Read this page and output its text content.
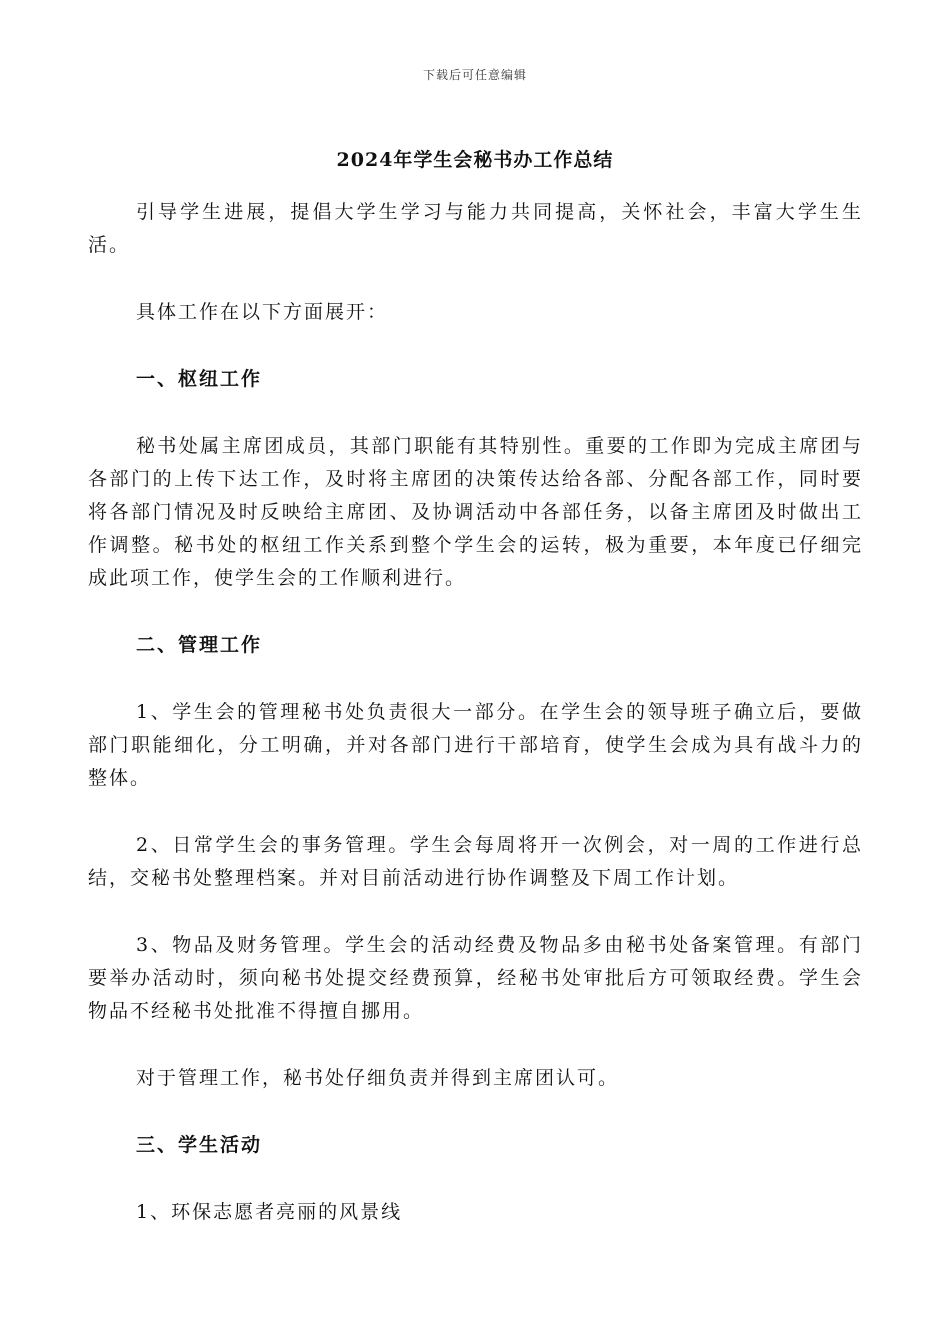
下载后可任意编辑
2024年学生会秘书办工作总结

引导学生进展，提倡大学生学习与能力共同提高，关怀社会，丰富大学生生活。

具体工作在以下方面展开：

一、枢纽工作

秘书处属主席团成员，其部门职能有其特别性。重要的工作即为完成主席团与各部门的上传下达工作，及时将主席团的决策传达给各部、分配各部工作，同时要将各部门情况及时反映给主席团、及协调活动中各部任务，以备主席团及时做出工作调整。秘书处的枢纽工作关系到整个学生会的运转，极为重要，本年度已仔细完成此项工作，使学生会的工作顺利进行。

二、管理工作

1、学生会的管理秘书处负责很大一部分。在学生会的领导班子确立后，要做部门职能细化，分工明确，并对各部门进行干部培育，使学生会成为具有战斗力的整体。

2、日常学生会的事务管理。学生会每周将开一次例会，对一周的工作进行总结，交秘书处整理档案。并对目前活动进行协作调整及下周工作计划。

3、物品及财务管理。学生会的活动经费及物品多由秘书处备案管理。有部门要举办活动时，须向秘书处提交经费预算，经秘书处审批后方可领取经费。学生会物品不经秘书处批准不得擅自挪用。

对于管理工作，秘书处仔细负责并得到主席团认可。

三、学生活动

1、环保志愿者亮丽的风景线
